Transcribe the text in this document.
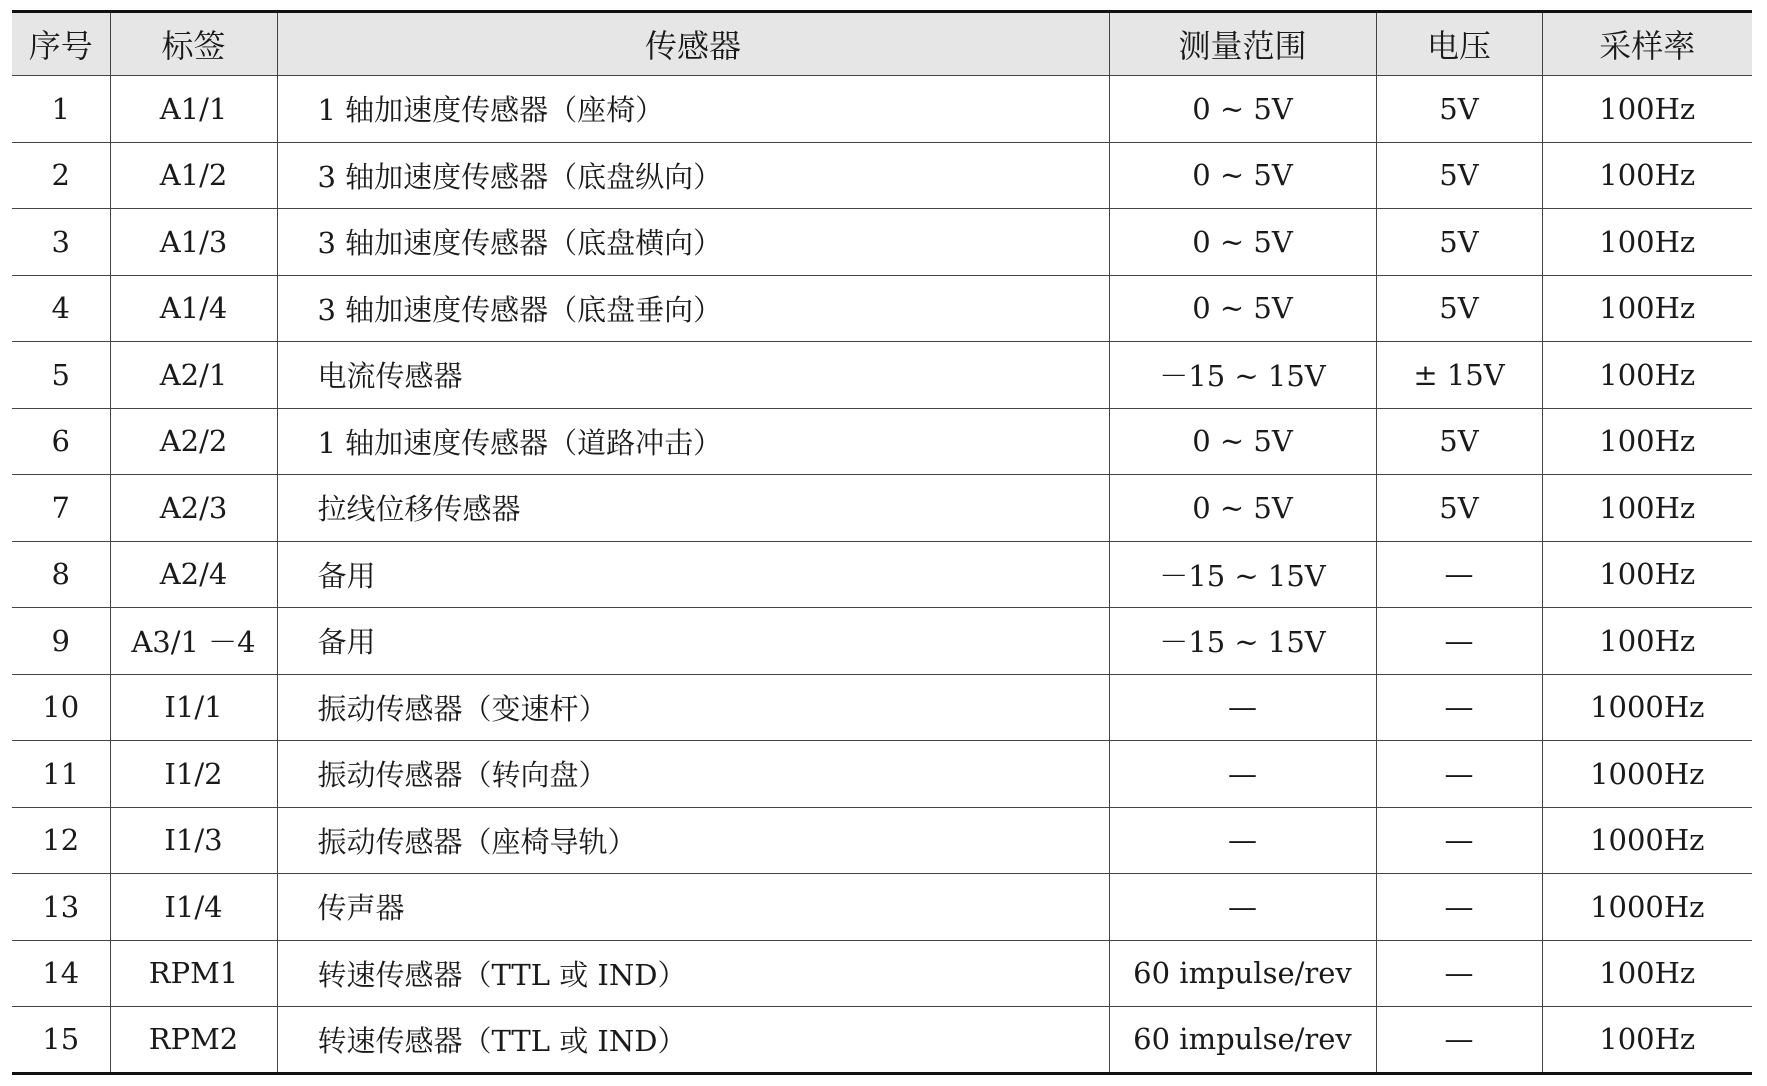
序号	标签	传感器	测量范围	电压	采样率
1	A1/1	1 轴加速度传感器（座椅）	0 ~ 5V	5V	100Hz
2	A1/2	3 轴加速度传感器（底盘纵向）	0 ~ 5V	5V	100Hz
3	A1/3	3 轴加速度传感器（底盘横向）	0 ~ 5V	5V	100Hz
4	A1/4	3 轴加速度传感器（底盘垂向）	0 ~ 5V	5V	100Hz
5	A2/1	电流传感器	－15 ~ 15V	± 15V	100Hz
6	A2/2	1 轴加速度传感器（道路冲击）	0 ~ 5V	5V	100Hz
7	A2/3	拉线位移传感器	0 ~ 5V	5V	100Hz
8	A2/4	备用	－15 ~ 15V	—	100Hz
9	A3/1 －4	备用	－15 ~ 15V	—	100Hz
10	I1/1	振动传感器（变速杆）	—	—	1000Hz
11	I1/2	振动传感器（转向盘）	—	—	1000Hz
12	I1/3	振动传感器（座椅导轨）	—	—	1000Hz
13	I1/4	传声器	—	—	1000Hz
14	RPM1	转速传感器（TTL 或 IND）	60 impulse/rev	—	100Hz
15	RPM2	转速传感器（TTL 或 IND）	60 impulse/rev	—	100Hz
